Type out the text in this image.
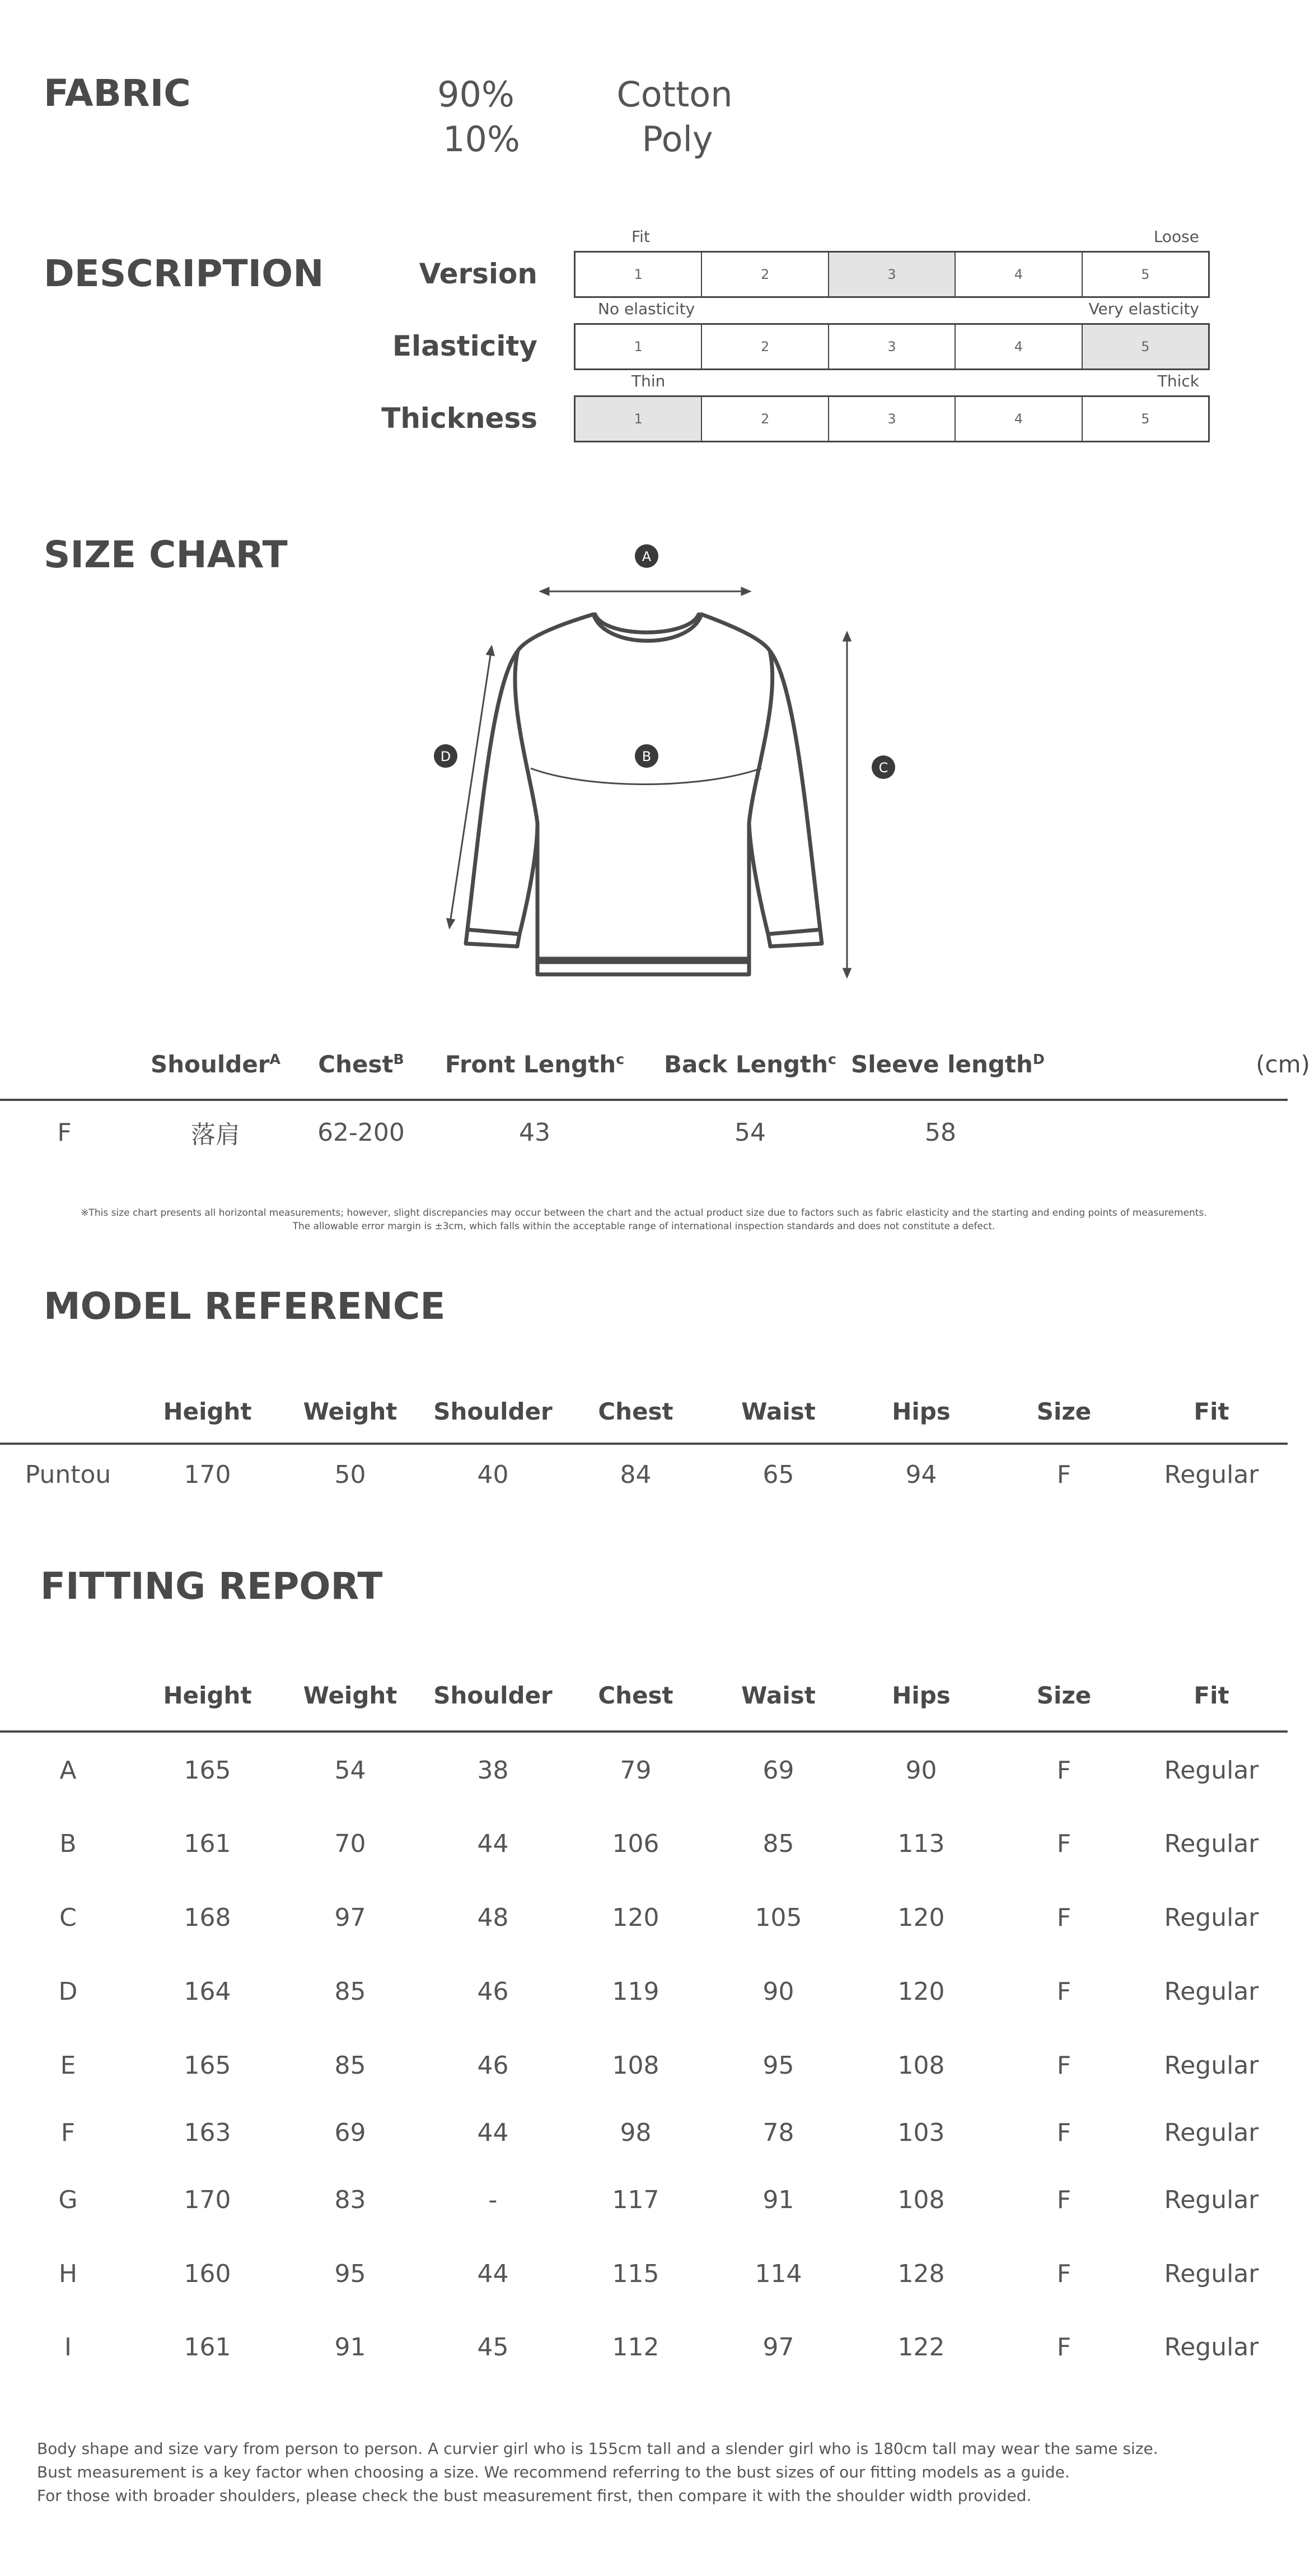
FABRIC	90%	Cotton
10%	Poly
DESCRIPTION	Version
Fit	Loose
1	2	3	4	5
Elasticity
No elasticity	Very elasticity
1	2	3	4	5
Thickness
Thin	Thick
1	2	3	4	5
SIZE CHART	A
B
C
D
	Shoulder$^A$	Chest$^B$	Front Length$^c$	Back Length$^c$	Sleeve length$^D$	(cm)
F	落肩	62-200	43	54	58	
※This size chart presents all horizontal measurements; however, slight discrepancies may occur between the chart and the actual product size due to factors such as fabric elasticity and the starting and ending points of measurements.
The allowable error margin is ±3cm, which falls within the acceptable range of international inspection standards and does not constitute a defect.
MODEL REFERENCE
	Height	Weight	Shoulder	Chest	Waist	Hips	Size	Fit
Puntou	170	50	40	84	65	94	F	Regular
FITTING REPORT
	Height	Weight	Shoulder	Chest	Waist	Hips	Size	Fit
A	165	54	38	79	69	90	F	Regular
B	161	70	44	106	85	113	F	Regular
C	168	97	48	120	105	120	F	Regular
D	164	85	46	119	90	120	F	Regular
E	165	85	46	108	95	108	F	Regular
F	163	69	44	98	78	103	F	Regular
G	170	83	-	117	91	108	F	Regular
H	160	95	44	115	114	128	F	Regular
I	161	91	45	112	97	122	F	Regular
Body shape and size vary from person to person. A curvier girl who is 155cm tall and a slender girl who is 180cm tall may wear the same size.
Bust measurement is a key factor when choosing a size. We recommend referring to the bust sizes of our fitting models as a guide.
For those with broader shoulders, please check the bust measurement first, then compare it with the shoulder width provided.
